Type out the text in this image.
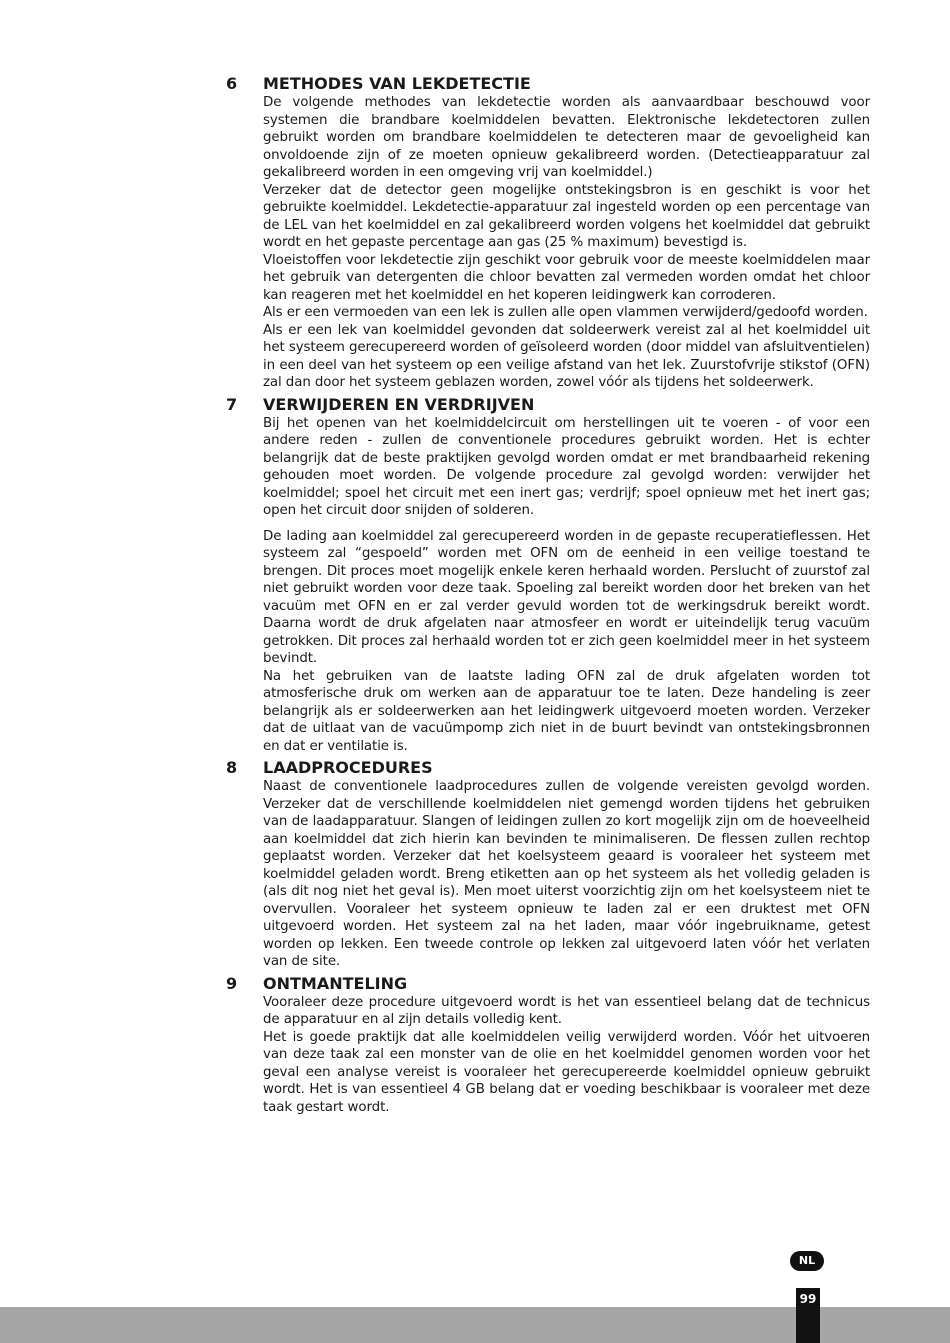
6 METHODES VAN LEKDETECTIE

De volgende methodes van lekdetectie worden als aanvaardbaar beschouwd voor systemen die brandbare koelmiddelen bevatten. Elektronische lekdetectoren zullen gebruikt worden om brandbare koelmiddelen te detecteren maar de gevoeligheid kan onvoldoende zijn of ze moeten opnieuw gekalibreerd worden. (Detectieapparatuur zal gekalibreerd worden in een omgeving vrij van koelmiddel.)

Verzeker dat de detector geen mogelijke ontstekingsbron is en geschikt is voor het gebruikte koelmiddel. Lekdetectie-apparatuur zal ingesteld worden op een percentage van de LEL van het koelmiddel en zal gekalibreerd worden volgens het koelmiddel dat gebruikt wordt en het gepaste percentage aan gas (25 % maximum) bevestigd is.

Vloeistoffen voor lekdetectie zijn geschikt voor gebruik voor de meeste koelmiddelen maar het gebruik van detergenten die chloor bevatten zal vermeden worden omdat het chloor kan reageren met het koelmiddel en het koperen leidingwerk kan corroderen.

Als er een vermoeden van een lek is zullen alle open vlammen verwijderd/gedoofd worden.

Als er een lek van koelmiddel gevonden dat soldeerwerk vereist zal al het koelmiddel uit het systeem gerecupereerd worden of geïsoleerd worden (door middel van afsluitventielen) in een deel van het systeem op een veilige afstand van het lek. Zuurstofvrije stikstof (OFN) zal dan door het systeem geblazen worden, zowel vóór als tijdens het soldeerwerk.

7 VERWIJDEREN EN VERDRIJVEN

Bij het openen van het koelmiddelcircuit om herstellingen uit te voeren - of voor een andere reden - zullen de conventionele procedures gebruikt worden. Het is echter belangrijk dat de beste praktijken gevolgd worden omdat er met brandbaarheid rekening gehouden moet worden. De volgende procedure zal gevolgd worden: verwijder het koelmiddel; spoel het circuit met een inert gas; verdrijf; spoel opnieuw met het inert gas; open het circuit door snijden of solderen.

De lading aan koelmiddel zal gerecupereerd worden in de gepaste recuperatieflessen. Het systeem zal “gespoeld” worden met OFN om de eenheid in een veilige toestand te brengen. Dit proces moet mogelijk enkele keren herhaald worden. Perslucht of zuurstof zal niet gebruikt worden voor deze taak. Spoeling zal bereikt worden door het breken van het vacuüm met OFN en er zal verder gevuld worden tot de werkingsdruk bereikt wordt. Daarna wordt de druk afgelaten naar atmosfeer en wordt er uiteindelijk terug vacuüm getrokken. Dit proces zal herhaald worden tot er zich geen koelmiddel meer in het systeem bevindt.

Na het gebruiken van de laatste lading OFN zal de druk afgelaten worden tot atmosferische druk om werken aan de apparatuur toe te laten. Deze handeling is zeer belangrijk als er soldeerwerken aan het leidingwerk uitgevoerd moeten worden. Verzeker dat de uitlaat van de vacuümpomp zich niet in de buurt bevindt van ontstekingsbronnen en dat er ventilatie is.

8 LAADPROCEDURES

Naast de conventionele laadprocedures zullen de volgende vereisten gevolgd worden. Verzeker dat de verschillende koelmiddelen niet gemengd worden tijdens het gebruiken van de laadapparatuur. Slangen of leidingen zullen zo kort mogelijk zijn om de hoeveelheid aan koelmiddel dat zich hierin kan bevinden te minimaliseren. De flessen zullen rechtop geplaatst worden. Verzeker dat het koelsysteem geaard is vooraleer het systeem met koelmiddel geladen wordt. Breng etiketten aan op het systeem als het volledig geladen is (als dit nog niet het geval is). Men moet uiterst voorzichtig zijn om het koelsysteem niet te overvullen. Vooraleer het systeem opnieuw te laden zal er een druktest met OFN uitgevoerd worden. Het systeem zal na het laden, maar vóór ingebruikname, getest worden op lekken. Een tweede controle op lekken zal uitgevoerd laten vóór het verlaten van de site.

9 ONTMANTELING

Vooraleer deze procedure uitgevoerd wordt is het van essentieel belang dat de technicus de apparatuur en al zijn details volledig kent.

Het is goede praktijk dat alle koelmiddelen veilig verwijderd worden. Vóór het uitvoeren van deze taak zal een monster van de olie en het koelmiddel genomen worden voor het geval een analyse vereist is vooraleer het gerecupereerde koelmiddel opnieuw gebruikt wordt. Het is van essentieel 4 GB belang dat er voeding beschikbaar is vooraleer met deze taak gestart wordt.

NL
99
